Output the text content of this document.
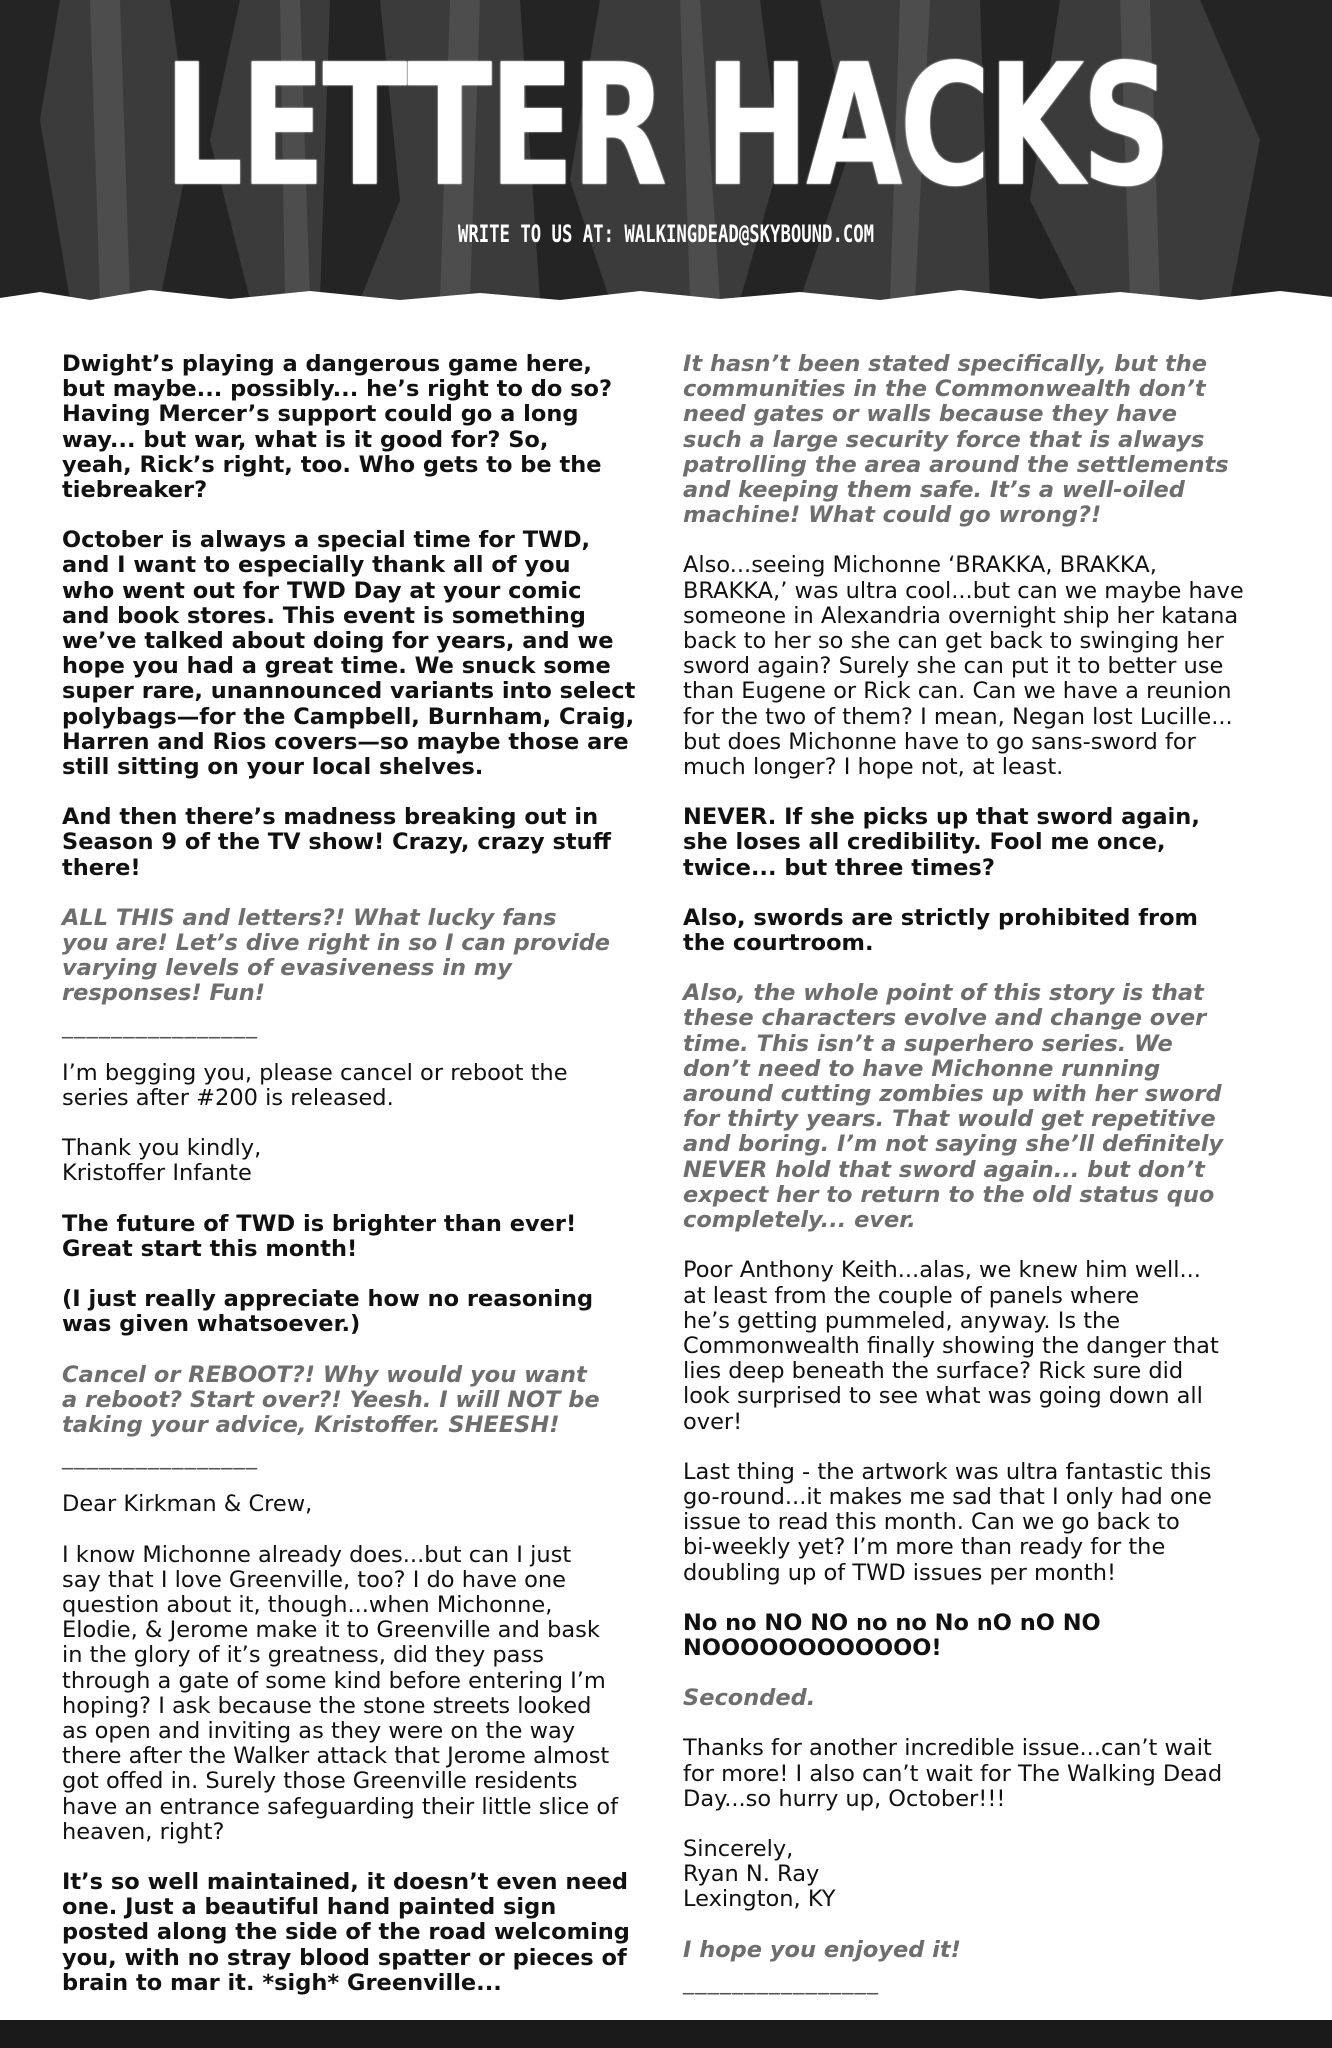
LETTER HACKS
WRITE TO US AT: WALKINGDEAD@SKYBOUND.COM
Dwight’s playing a dangerous game here,
but maybe... possibly... he’s right to do so?
Having Mercer’s support could go a long
way... but war, what is it good for? So,
yeah, Rick’s right, too. Who gets to be the
tiebreaker?
October is always a special time for TWD,
and I want to especially thank all of you
who went out for TWD Day at your comic
and book stores. This event is something
we’ve talked about doing for years, and we
hope you had a great time. We snuck some
super rare, unannounced variants into select
polybags—for the Campbell, Burnham, Craig,
Harren and Rios covers—so maybe those are
still sitting on your local shelves.
And then there’s madness breaking out in
Season 9 of the TV show! Crazy, crazy stuff
there!
ALL THIS and letters?! What lucky fans
you are! Let’s dive right in so I can provide
varying levels of evasiveness in my
responses! Fun!
________________
I’m begging you, please cancel or reboot the
series after #200 is released.
Thank you kindly,
Kristoffer Infante
The future of TWD is brighter than ever!
Great start this month!
(I just really appreciate how no reasoning
was given whatsoever.)
Cancel or REBOOT?! Why would you want
a reboot? Start over?! Yeesh. I will NOT be
taking your advice, Kristoffer. SHEESH!
________________
Dear Kirkman & Crew,
I know Michonne already does...but can I just
say that I love Greenville, too? I do have one
question about it, though...when Michonne,
Elodie, & Jerome make it to Greenville and bask
in the glory of it’s greatness, did they pass
through a gate of some kind before entering I’m
hoping? I ask because the stone streets looked
as open and inviting as they were on the way
there after the Walker attack that Jerome almost
got offed in. Surely those Greenville residents
have an entrance safeguarding their little slice of
heaven, right?
It’s so well maintained, it doesn’t even need
one. Just a beautiful hand painted sign
posted along the side of the road welcoming
you, with no stray blood spatter or pieces of
brain to mar it. *sigh* Greenville...
It hasn’t been stated specifically, but the
communities in the Commonwealth don’t
need gates or walls because they have
such a large security force that is always
patrolling the area around the settlements
and keeping them safe. It’s a well-oiled
machine! What could go wrong?!
Also...seeing Michonne ‘BRAKKA, BRAKKA,
BRAKKA,’ was ultra cool...but can we maybe have
someone in Alexandria overnight ship her katana
back to her so she can get back to swinging her
sword again? Surely she can put it to better use
than Eugene or Rick can. Can we have a reunion
for the two of them? I mean, Negan lost Lucille...
but does Michonne have to go sans-sword for
much longer? I hope not, at least.
NEVER. If she picks up that sword again,
she loses all credibility. Fool me once,
twice... but three times?
Also, swords are strictly prohibited from
the courtroom.
Also, the whole point of this story is that
these characters evolve and change over
time. This isn’t a superhero series. We
don’t need to have Michonne running
around cutting zombies up with her sword
for thirty years. That would get repetitive
and boring. I’m not saying she’ll definitely
NEVER hold that sword again... but don’t
expect her to return to the old status quo
completely... ever.
Poor Anthony Keith...alas, we knew him well...
at least from the couple of panels where
he’s getting pummeled, anyway. Is the
Commonwealth finally showing the danger that
lies deep beneath the surface? Rick sure did
look surprised to see what was going down all
over!
Last thing - the artwork was ultra fantastic this
go-round...it makes me sad that I only had one
issue to read this month. Can we go back to
bi-weekly yet? I’m more than ready for the
doubling up of TWD issues per month!
No no NO NO no no No nO nO NO
NOOOOOOOOOOOO!
Seconded.
Thanks for another incredible issue...can’t wait
for more! I also can’t wait for The Walking Dead
Day...so hurry up, October!!!
Sincerely,
Ryan N. Ray
Lexington, KY
I hope you enjoyed it!
________________
